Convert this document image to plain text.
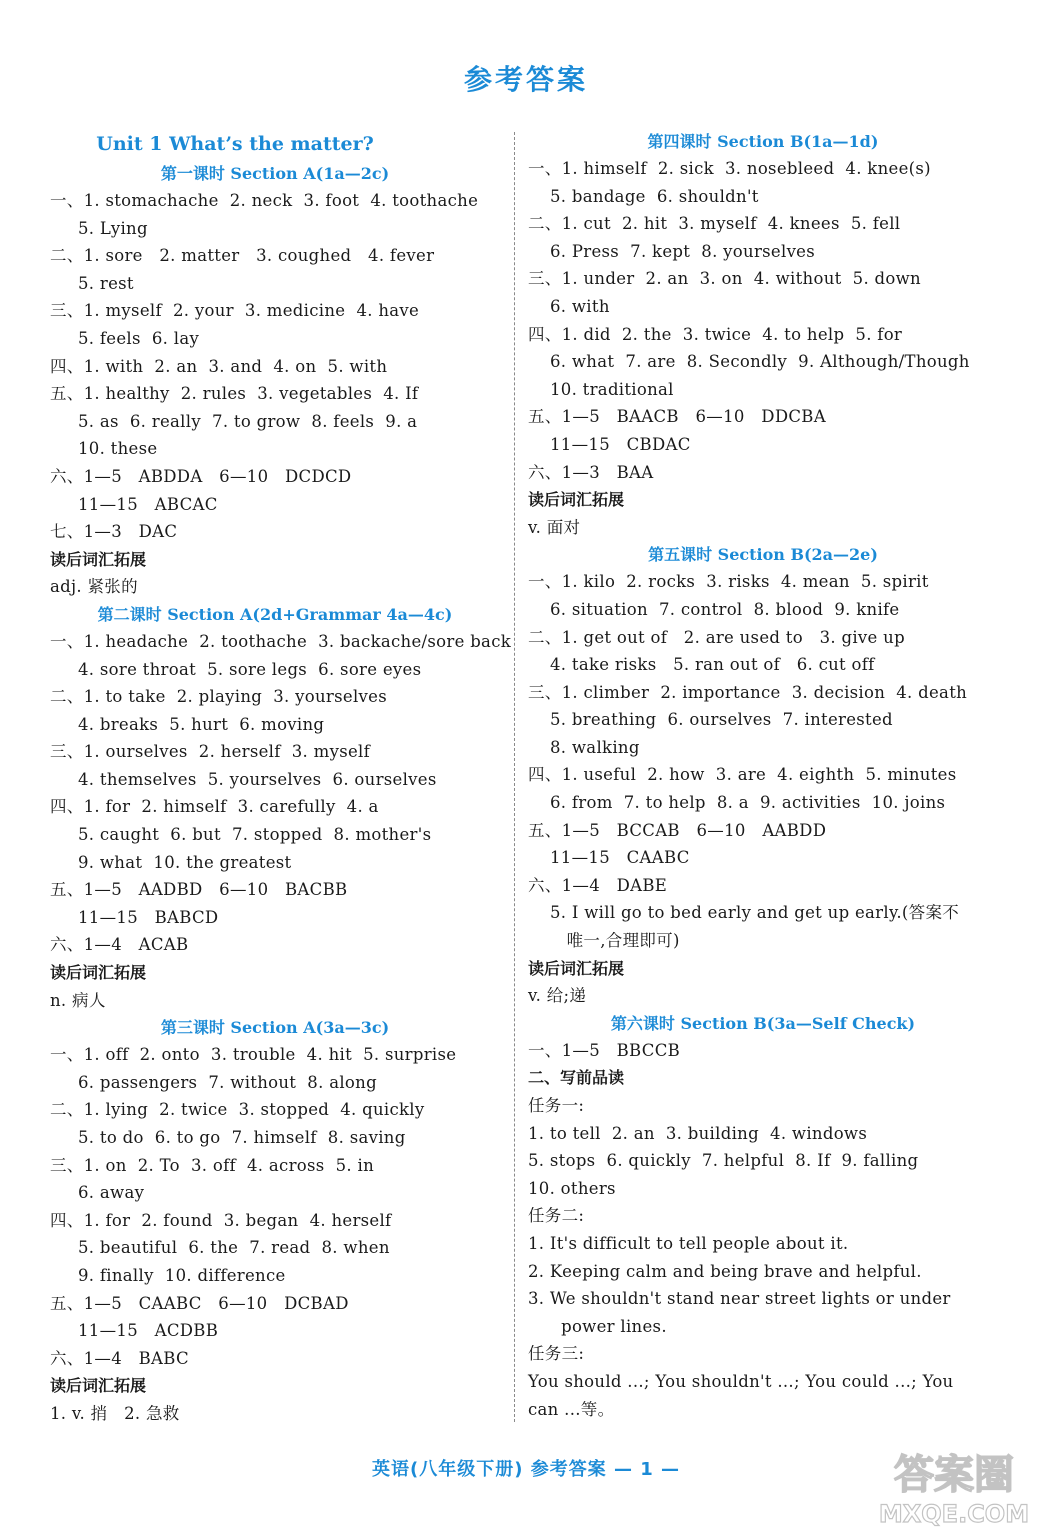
参考答案
Unit 1 What’s the matter?
第一课时 Section A(1a—2c)
一、1. stomachache  2. neck  3. foot  4. toothache
5. Lying
二、1. sore   2. matter   3. coughed   4. fever
5. rest
三、1. myself  2. your  3. medicine  4. have
5. feels  6. lay
四、1. with  2. an  3. and  4. on  5. with
五、1. healthy  2. rules  3. vegetables  4. If
5. as  6. really  7. to grow  8. feels  9. a
10. these
六、1—5   ABDDA   6—10   DCDCD
11—15   ABCAC
七、1—3   DAC
读后词汇拓展
adj. 紧张的
第二课时 Section A(2d+Grammar 4a—4c)
一、1. headache  2. toothache  3. backache/sore back
4. sore throat  5. sore legs  6. sore eyes
二、1. to take  2. playing  3. yourselves
4. breaks  5. hurt  6. moving
三、1. ourselves  2. herself  3. myself
4. themselves  5. yourselves  6. ourselves
四、1. for  2. himself  3. carefully  4. a
5. caught  6. but  7. stopped  8. mother's
9. what  10. the greatest
五、1—5   AADBD   6—10   BACBB
11—15   BABCD
六、1—4   ACAB
读后词汇拓展
n. 病人
第三课时 Section A(3a—3c)
一、1. off  2. onto  3. trouble  4. hit  5. surprise
6. passengers  7. without  8. along
二、1. lying  2. twice  3. stopped  4. quickly
5. to do  6. to go  7. himself  8. saving
三、1. on  2. To  3. off  4. across  5. in
6. away
四、1. for  2. found  3. began  4. herself
5. beautiful  6. the  7. read  8. when
9. finally  10. difference
五、1—5   CAABC   6—10   DCBAD
11—15   ACDBB
六、1—4   BABC
读后词汇拓展
1. v. 捎   2. 急救
第四课时 Section B(1a—1d)
一、1. himself  2. sick  3. nosebleed  4. knee(s)
5. bandage  6. shouldn't
二、1. cut  2. hit  3. myself  4. knees  5. fell
6. Press  7. kept  8. yourselves
三、1. under  2. an  3. on  4. without  5. down
6. with
四、1. did  2. the  3. twice  4. to help  5. for
6. what  7. are  8. Secondly  9. Although/Though
10. traditional
五、1—5   BAACB   6—10   DDCBA
11—15   CBDAC
六、1—3   BAA
读后词汇拓展
v. 面对
第五课时 Section B(2a—2e)
一、1. kilo  2. rocks  3. risks  4. mean  5. spirit
6. situation  7. control  8. blood  9. knife
二、1. get out of   2. are used to   3. give up
4. take risks   5. ran out of   6. cut off
三、1. climber  2. importance  3. decision  4. death
5. breathing  6. ourselves  7. interested
8. walking
四、1. useful  2. how  3. are  4. eighth  5. minutes
6. from  7. to help  8. a  9. activities  10. joins
五、1—5   BCCAB   6—10   AABDD
11—15   CAABC
六、1—4   DABE
5. I will go to bed early and get up early.(答案不
唯一,合理即可)
读后词汇拓展
v. 给;递
第六课时 Section B(3a—Self Check)
一、1—5   BBCCB
二、写前品读
任务一:
1. to tell  2. an  3. building  4. windows
5. stops  6. quickly  7. helpful  8. If  9. falling
10. others
任务二:
1. It's difficult to tell people about it.
2. Keeping calm and being brave and helpful.
3. We shouldn't stand near street lights or under
power lines.
任务三:
You should ...; You shouldn't ...; You could ...; You
can ...等。
英语(八年级下册) 参考答案 — 1 —	答案圈
MXQE.COM
